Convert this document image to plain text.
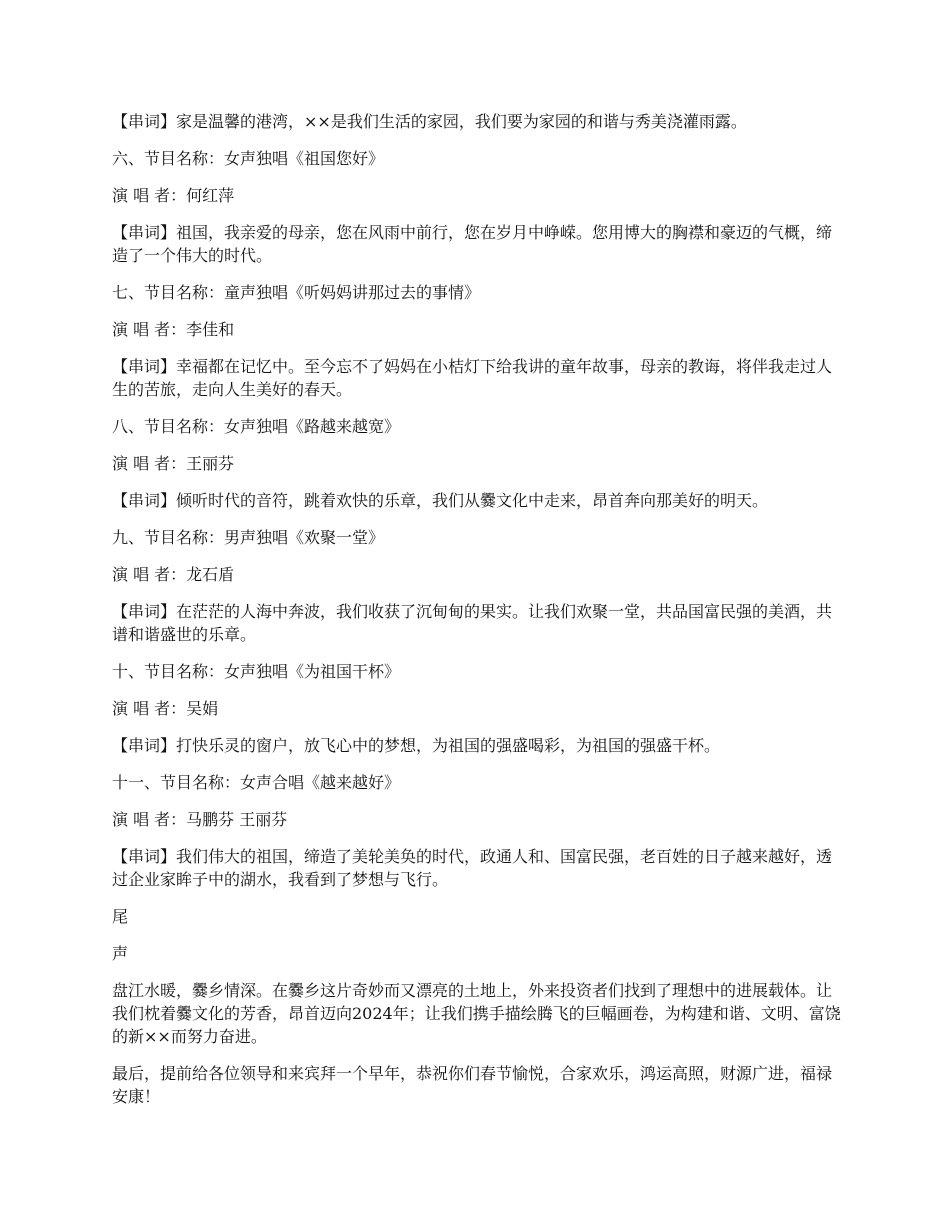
【串词】家是温馨的港湾，××是我们生活的家园，我们要为家园的和谐与秀美浇灌雨露。

六、节目名称：女声独唱《祖国您好》

演 唱 者：何红萍

【串词】祖国，我亲爱的母亲，您在风雨中前行，您在岁月中峥嵘。您用博大的胸襟和豪迈的气概，缔造了一个伟大的时代。

七、节目名称：童声独唱《听妈妈讲那过去的事情》

演 唱 者：李佳和

【串词】幸福都在记忆中。至今忘不了妈妈在小桔灯下给我讲的童年故事，母亲的教诲，将伴我走过人生的苦旅，走向人生美好的春天。

八、节目名称：女声独唱《路越来越宽》

演 唱 者：王丽芬

【串词】倾听时代的音符，跳着欢快的乐章，我们从爨文化中走来，昂首奔向那美好的明天。

九、节目名称：男声独唱《欢聚一堂》

演 唱 者：龙石盾

【串词】在茫茫的人海中奔波，我们收获了沉甸甸的果实。让我们欢聚一堂，共品国富民强的美酒，共谱和谐盛世的乐章。

十、节目名称：女声独唱《为祖国干杯》

演 唱 者：吴娟

【串词】打快乐灵的窗户，放飞心中的梦想，为祖国的强盛喝彩，为祖国的强盛干杯。

十一、节目名称：女声合唱《越来越好》

演 唱 者：马鹏芬 王丽芬

【串词】我们伟大的祖国，缔造了美轮美奂的时代，政通人和、国富民强，老百姓的日子越来越好，透过企业家眸子中的湖水，我看到了梦想与飞行。

尾

声

盘江水暖，爨乡情深。在爨乡这片奇妙而又漂亮的土地上，外来投资者们找到了理想中的进展载体。让我们枕着爨文化的芳香，昂首迈向2024年；让我们携手描绘腾飞的巨幅画卷，为构建和谐、文明、富饶的新××而努力奋进。

最后，提前给各位领导和来宾拜一个早年，恭祝你们春节愉悦，合家欢乐，鸿运高照，财源广进，福禄安康！
